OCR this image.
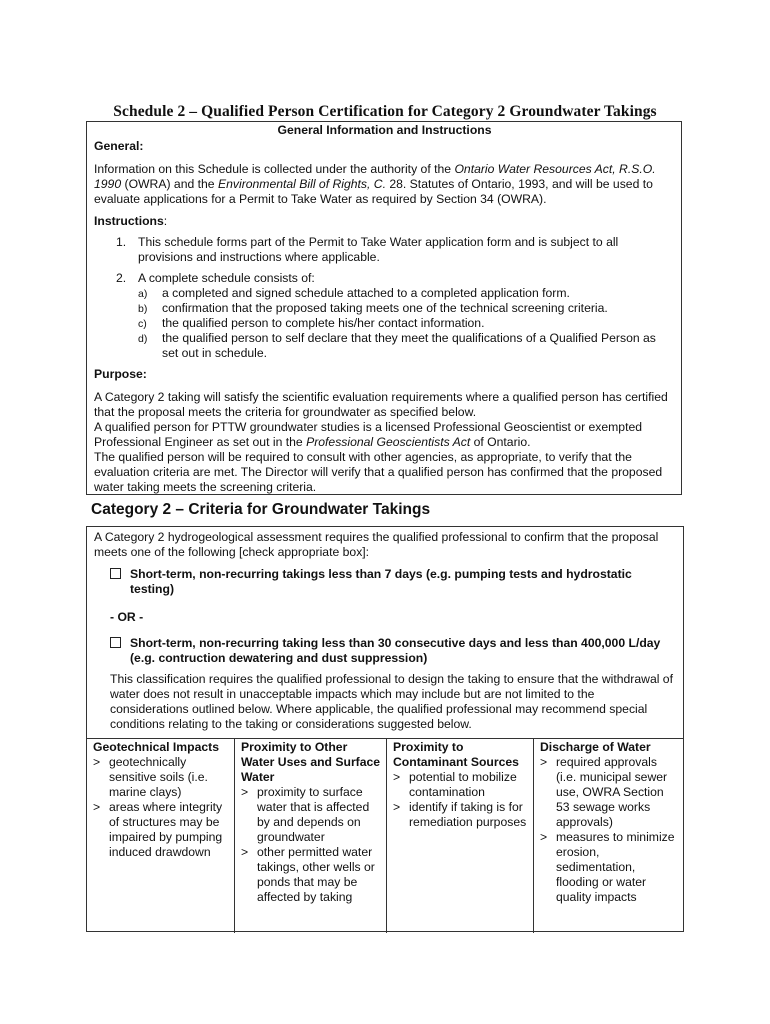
Schedule 2 – Qualified Person Certification for Category 2 Groundwater Takings
General Information and Instructions
General:

Information on this Schedule is collected under the authority of the Ontario Water Resources Act, R.S.O. 1990 (OWRA) and the Environmental Bill of Rights, C. 28. Statutes of Ontario, 1993, and will be used to evaluate applications for a Permit to Take Water as required by Section 34 (OWRA).

Instructions:
1. This schedule forms part of the Permit to Take Water application form and is subject to all provisions and instructions where applicable.
2. A complete schedule consists of:
a) a completed and signed schedule attached to a completed application form.
b) confirmation that the proposed taking meets one of the technical screening criteria.
c) the qualified person to complete his/her contact information.
d) the qualified person to self declare that they meet the qualifications of a Qualified Person as set out in schedule.
Purpose:

A Category 2 taking will satisfy the scientific evaluation requirements where a qualified person has certified that the proposal meets the criteria for groundwater as specified below.

A qualified person for PTTW groundwater studies is a licensed Professional Geoscientist or exempted Professional Engineer as set out in the Professional Geoscientists Act of Ontario.

The qualified person will be required to consult with other agencies, as appropriate, to verify that the evaluation criteria are met. The Director will verify that a qualified person has confirmed that the proposed water taking meets the screening criteria.

Category 2 – Criteria for Groundwater Takings
A Category 2 hydrogeological assessment requires the qualified professional to confirm that the proposal meets one of the following [check appropriate box]:
Short-term, non-recurring takings less than 7 days (e.g. pumping tests and hydrostatic testing)
- OR -
Short-term, non-recurring taking less than 30 consecutive days and less than 400,000 L/day (e.g. contruction dewatering and dust suppression)
This classification requires the qualified professional to design the taking to ensure that the withdrawal of water does not result in unacceptable impacts which may include but are not limited to the considerations outlined below. Where applicable, the qualified professional may recommend special conditions relating to the taking or considerations suggested below.
Geotechnical Impacts
> geotechnically sensitive soils (i.e. marine clays)
> areas where integrity of structures may be impaired by pumping induced drawdown
Proximity to Other Water Uses and Surface Water
> proximity to surface water that is affected by and depends on groundwater
> other permitted water takings, other wells or ponds that may be affected by taking
Proximity to Contaminant Sources
> potential to mobilize contamination
> identify if taking is for remediation purposes
Discharge of Water
> required approvals (i.e. municipal sewer use, OWRA Section 53 sewage works approvals)
> measures to minimize erosion, sedimentation, flooding or water quality impacts
